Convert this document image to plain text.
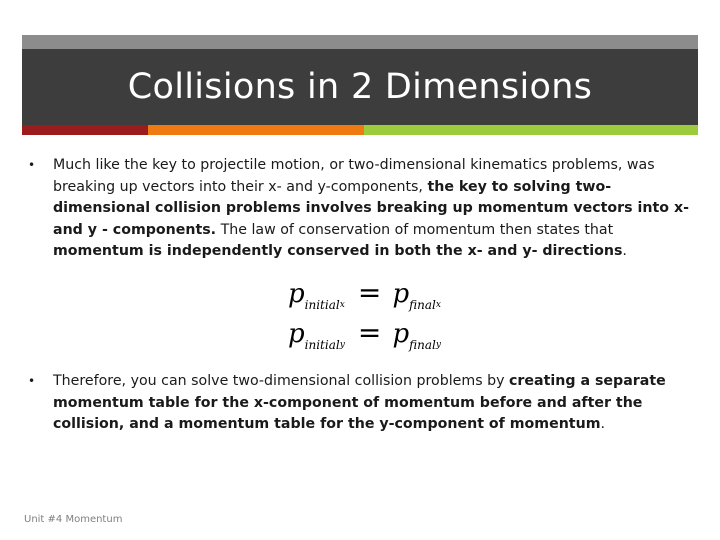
Collisions in 2 Dimensions
• Much like the key to projectile motion, or two-dimensional kinematics problems, was breaking up vectors into their x- and y-components, the key to solving two-dimensional collision problems involves breaking up momentum vectors into x- and y - components. The law of conservation of momentum then states that momentum is independently conserved in both the x- and y- directions.
$p_{initialx} = p_{finalx}$
$p_{initialy} = p_{finaly}$
• Therefore, you can solve two-dimensional collision problems by creating a separate momentum table for the x-component of momentum before and after the collision, and a momentum table for the y-component of momentum.
Unit #4 Momentum
